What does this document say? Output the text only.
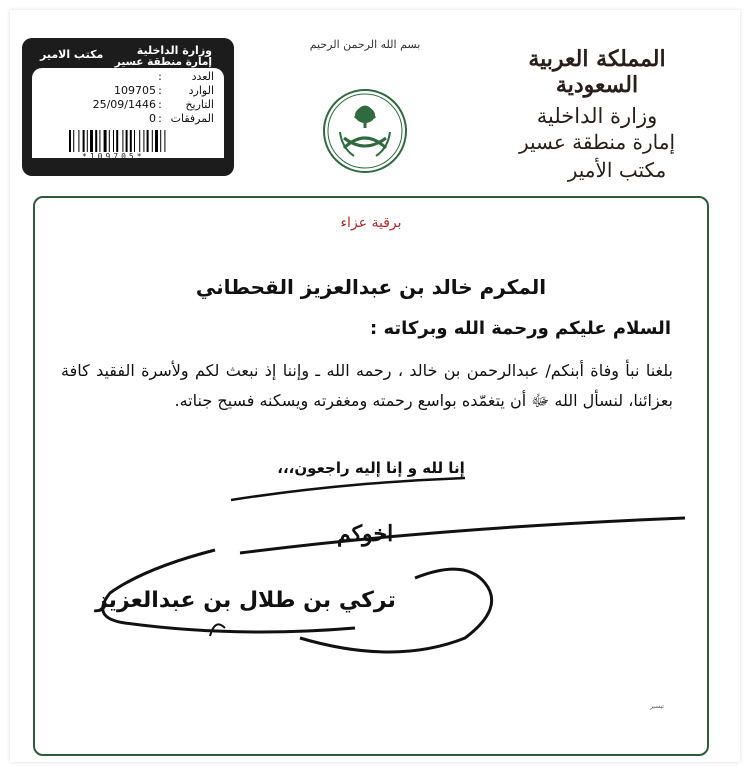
مكتب الامير	وزارة الداخلية
إمارة منطقة عسير
العدد:
الوارد:109705
التاريخ:25/09/1446
المرفقات:0
*109705*
بسم الله الرحمن الرحيم
المملكة العربية السعودية
وزارة الداخلية
إمارة منطقة عسير
مكتب الأمير
برقية عزاء
المكرم خالد بن عبدالعزيز القحطاني
السلام عليكم ورحمة الله وبركاته :
بلغنا نبأ وفاة أبنكم/ عبدالرحمن بن خالد ، رحمه الله ـ وإننا إذ نبعث لكم ولأسرة الفقيد كافة بعزائنا، لنسأل الله ﷻ أن يتغمّده بواسع رحمته ومغفرته ويسكنه فسيح جناته.
إنا لله و إنا إليه راجعون،،،
اخوكم
تركي بن طلال بن عبدالعزيز
تيسير
